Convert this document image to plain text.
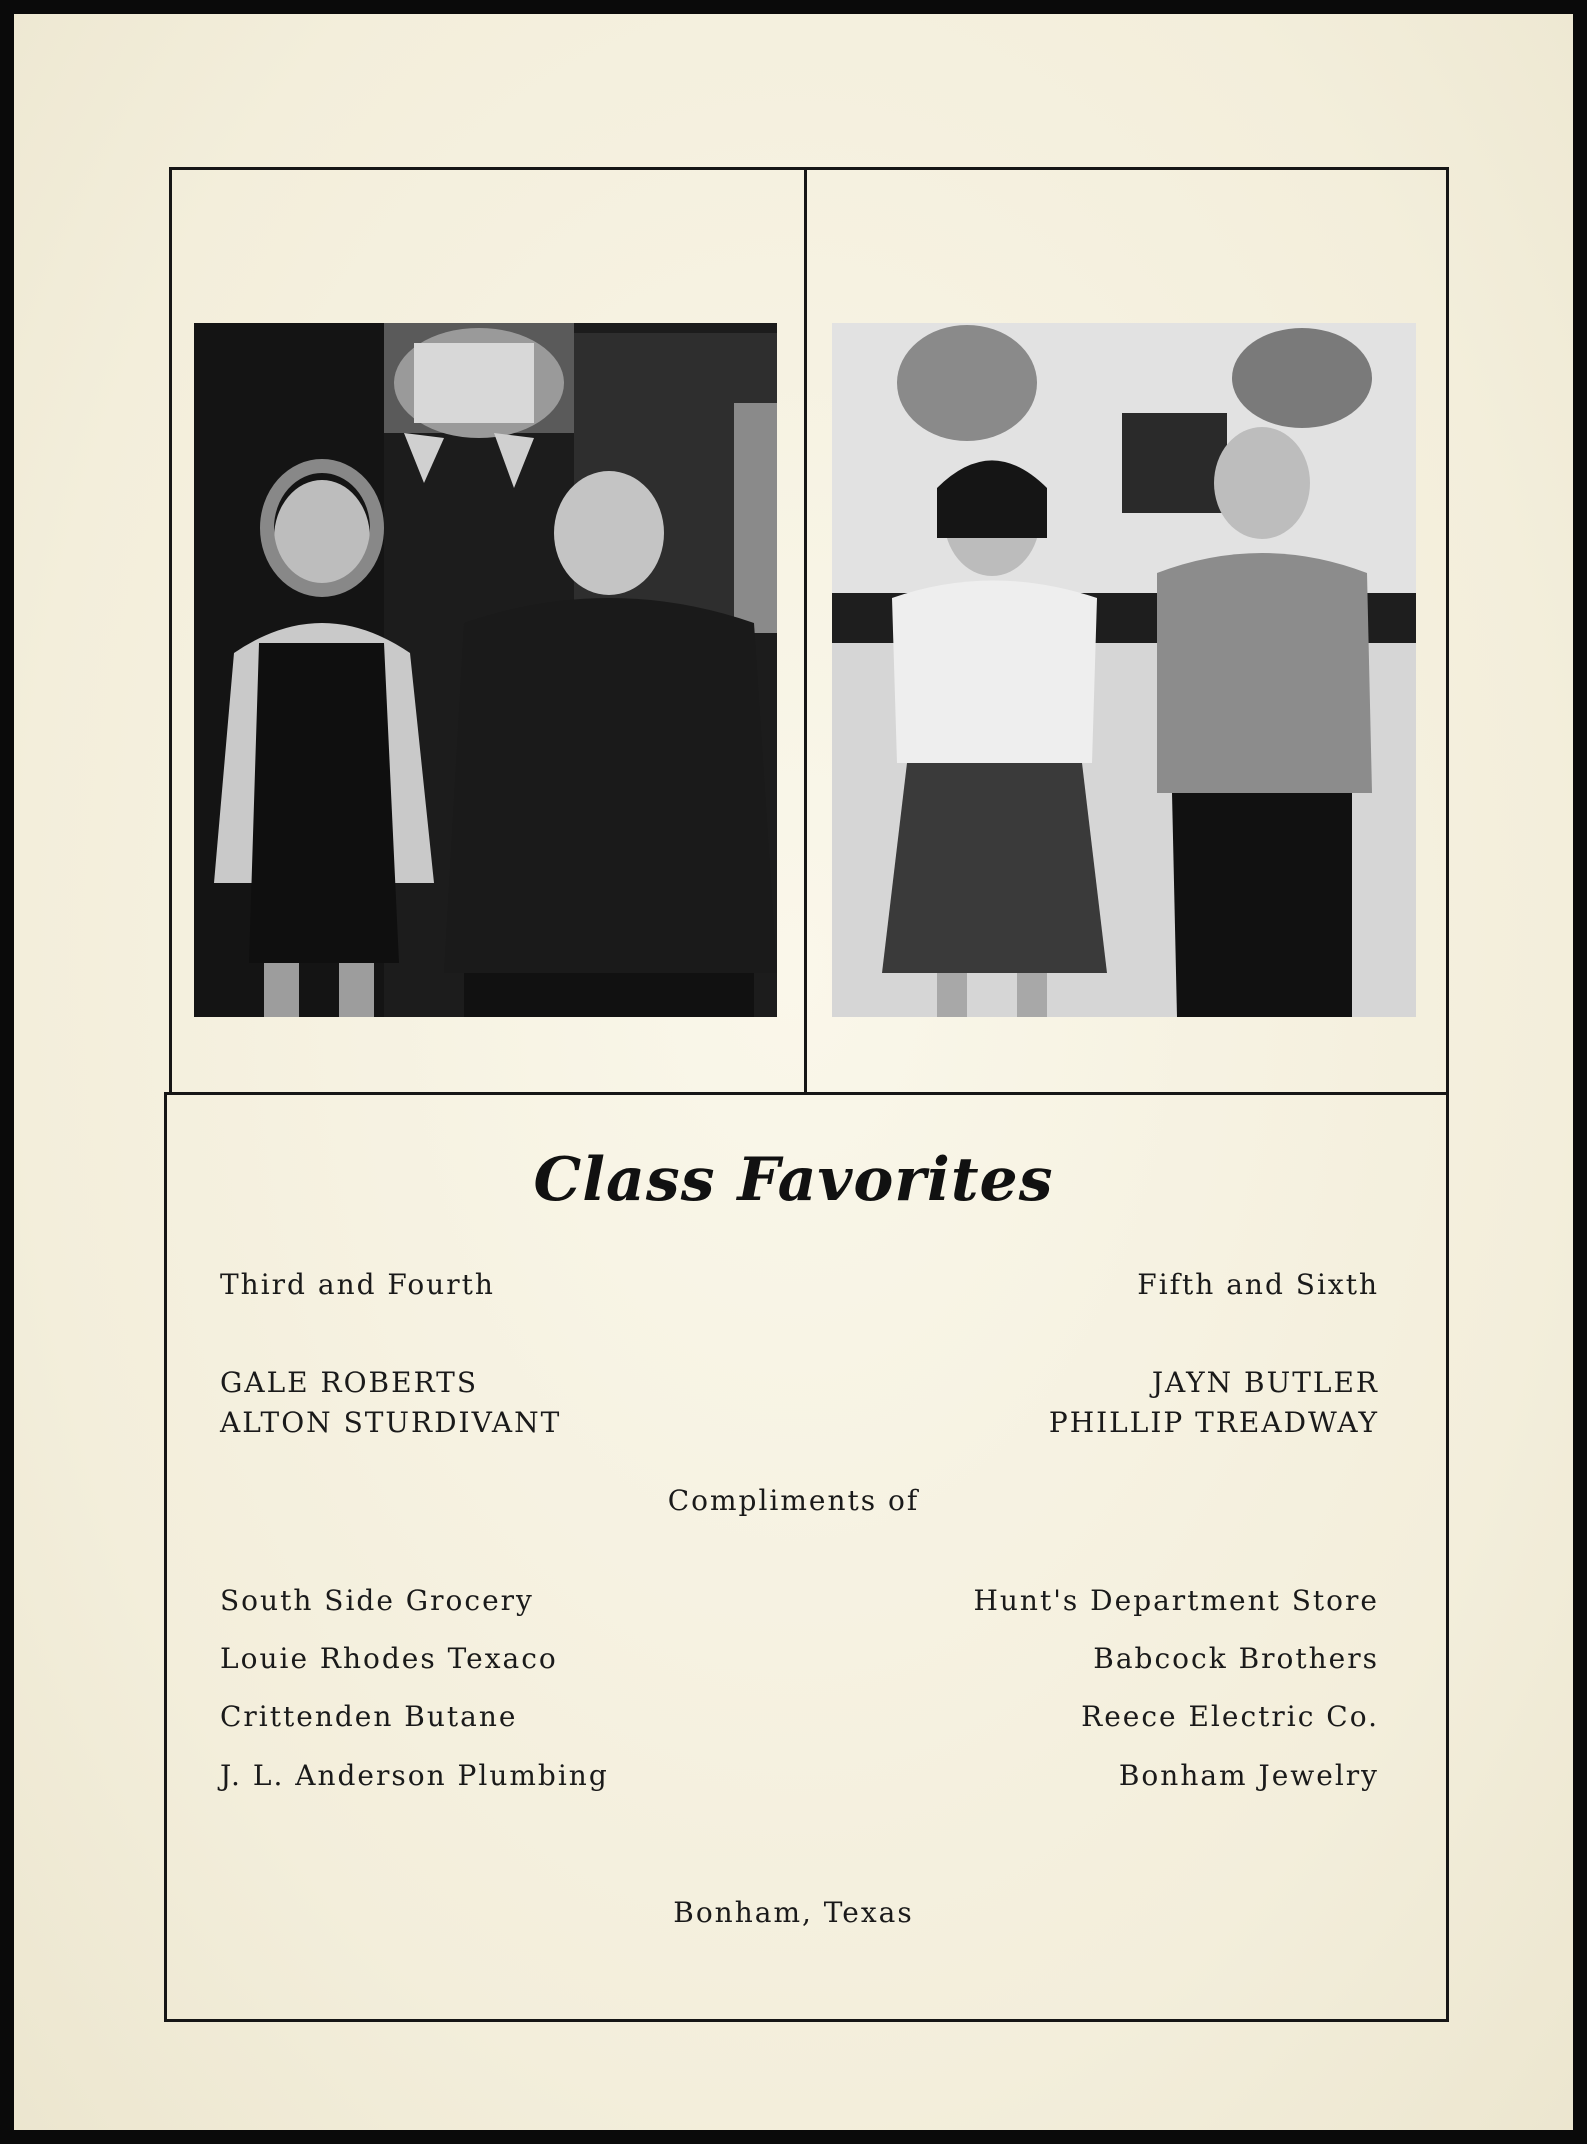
Class Favorites
Third and Fourth	Fifth and Sixth
GALE ROBERTS
ALTON STURDIVANT
JAYN BUTLER
PHILLIP TREADWAY
Compliments of
South Side Grocery
Louie Rhodes Texaco
Crittenden Butane
J. L. Anderson Plumbing
Hunt's Department Store
Babcock Brothers
Reece Electric Co.
Bonham Jewelry
Bonham, Texas
